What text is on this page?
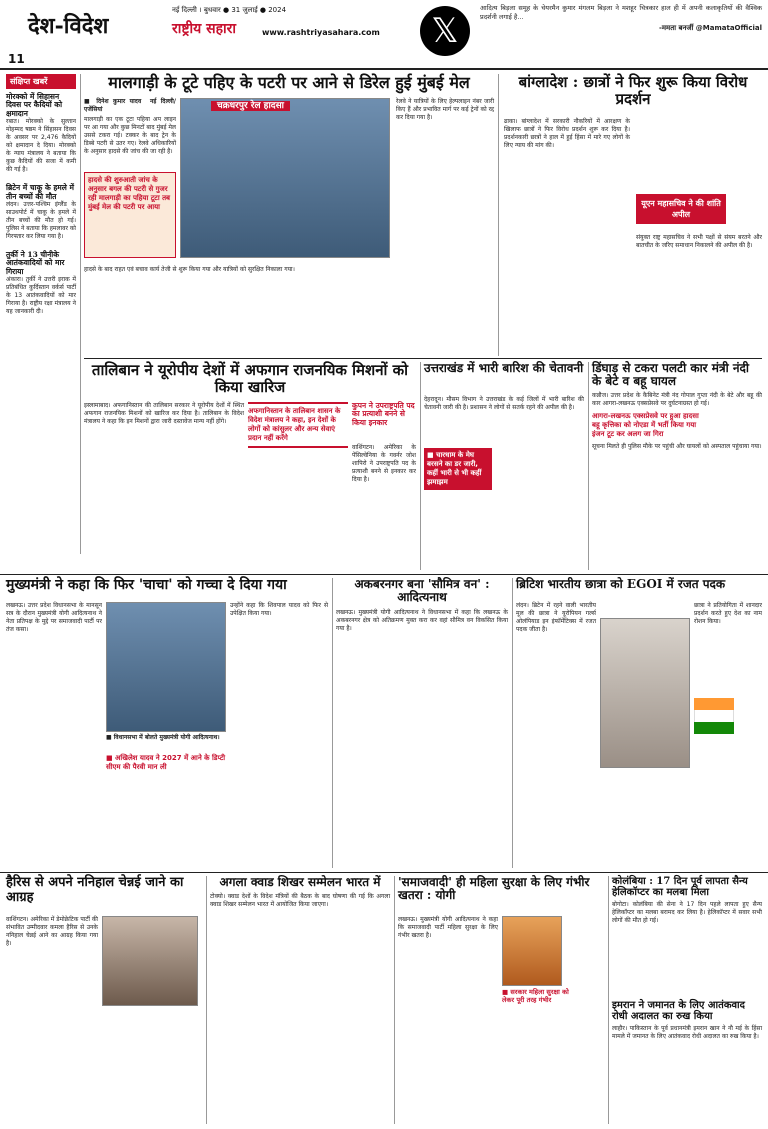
11
देश-विदेश
नई दिल्ली । बुधवार ● 31 जुलाई ● 2024
राष्ट्रीय सहारा	www.rashtriyasahara.com	𝕏
आदित्य बिड़ला समूह के चेयरमैन कुमार मंगलम बिड़ला ने मशहूर चित्रकार हाल ही में अपनी कलाकृतियों की वैश्विक प्रदर्शनी लगाई है...
-ममता बनर्जी @MamataOfficial
संक्षिप्त खबरें
मोरक्को में सिहासन दिवस पर कैदियों को क्षमादान
रबात। मोरक्को के सुल्तान मोहम्मद षष्ठम ने सिंहासन दिवस के अवसर पर 2,476 कैदियों को क्षमादान दे दिया। मोरक्को के न्याय मंत्रालय ने बताया कि कुछ कैदियों की सजा में कमी की गई है।
ब्रिटेन में चाकू के हमले में तीन बच्चों की मौत
लंदन। उत्तर-पश्चिम इंग्लैंड के साउथपोर्ट में चाकू के हमले में तीन बच्चों की मौत हो गई। पुलिस ने बताया कि हमलावर को गिरफ्तार कर लिया गया है।
तुर्की ने 13 चीनीके आतंकवादियों को मार गिराया
अंकारा। तुर्की ने उत्तरी इराक में प्रतिबंधित कुर्दिस्तान वर्कर्स पार्टी के 13 आतंकवादियों को मार गिराया है। राष्ट्रीय रक्षा मंत्रालय ने यह जानकारी दी।
मालगाड़ी के टूटे पहिए के पटरी पर आने से डिरेल हुई मुंबई मेल
■ दिनेश कुमार यादव  नई दिल्ली/एजेंसियां
मालगाड़ी का एक टूटा पहिया अप लाइन पर आ गया और कुछ मिनटों बाद मुंबई मेल उससे टकरा गई। टक्कर के बाद ट्रेन के डिब्बे पटरी से उतर गए। रेलवे अधिकारियों के अनुसार हादसे की जांच की जा रही है।
चक्रधरपुर रेल हादसा	रेलवे ने यात्रियों के लिए हेल्पलाइन नंबर जारी किए हैं और प्रभावित मार्ग पर कई ट्रेनों को रद्द कर दिया गया है।
हादसे की शुरुआती जांच के अनुसार बगल की पटरी से गुजर रही मालगाड़ी का पहिया टूटा तब मुंबई मेल की पटरी पर आया
हादसे के बाद राहत एवं बचाव कार्य तेजी से शुरू किया गया और यात्रियों को सुरक्षित निकाला गया।
बांग्लादेश : छात्रों ने फिर शुरू किया विरोध प्रदर्शन
ढाका। बांग्लादेश में सरकारी नौकरियों में आरक्षण के खिलाफ छात्रों ने फिर विरोध प्रदर्शन शुरू कर दिया है। प्रदर्शनकारी छात्रों ने हाल में हुई हिंसा में मारे गए लोगों के लिए न्याय की मांग की।
यूएन महासचिव ने की शांति अपील
संयुक्त राष्ट्र महासचिव ने सभी पक्षों से संयम बरतने और बातचीत के जरिए समाधान निकालने की अपील की है।
तालिबान ने यूरोपीय देशों में अफगान राजनयिक मिशनों को किया खारिज
इस्लामाबाद। अफगानिस्तान की तालिबान सरकार ने यूरोपीय देशों में स्थित अफगान राजनयिक मिशनों को खारिज कर दिया है। तालिबान के विदेश मंत्रालय ने कहा कि इन मिशनों द्वारा जारी दस्तावेज मान्य नहीं होंगे।
अफगानिस्तान के तालिबान शासन के विदेश मंत्रालय ने कहा, इन देशों के लोगों को कांसुलर और अन्य सेवाएं प्रदान नहीं करेंगे
कुपन ने उपराष्ट्रपति पद का प्रत्याशी बनने से किया इनकार
वाशिंगटन। अमेरिका के पेंसिल्वेनिया के गवर्नर जोश शापिरो ने उपराष्ट्रपति पद के प्रत्याशी बनने से इनकार कर दिया है।
उत्तराखंड में भारी बारिश की चेतावनी
देहरादून। मौसम विभाग ने उत्तराखंड के कई जिलों में भारी बारिश की चेतावनी जारी की है। प्रशासन ने लोगों से सतर्क रहने की अपील की है।
■ चारधाम के मेघ बरसने का डर जारी, कहीं भारी से भी कहीं झमाझम
डिंघाड़ से टकरा पलटी कार मंत्री नंदी के बेटे व बहू घायल
कन्नौज। उत्तर प्रदेश के कैबिनेट मंत्री नंद गोपाल गुप्ता नंदी के बेटे और बहू की कार आगरा-लखनऊ एक्सप्रेसवे पर दुर्घटनाग्रस्त हो गई।
आगरा-लखनऊ एक्सप्रेसवे पर हुआ हादसा
बहू कृत्तिका को नोएडा में भर्ती किया गया
इंजन टूट कर अलग जा गिरा
सूचना मिलते ही पुलिस मौके पर पहुंची और घायलों को अस्पताल पहुंचाया गया।
मुख्यमंत्री ने कहा कि फिर 'चाचा' को गच्चा दे दिया गया
लखनऊ। उत्तर प्रदेश विधानसभा के मानसून सत्र के दौरान मुख्यमंत्री योगी आदित्यनाथ ने नेता प्रतिपक्ष के मुद्दे पर समाजवादी पार्टी पर तंज कसा।
■ विधानसभा में बोलते मुख्यमंत्री योगी आदित्यनाथ।
■ अखिलेश यादव ने 2027 में आने के डिप्टी सीएम की पैरवी मान ली
उन्होंने कहा कि शिवपाल यादव को फिर से उपेक्षित किया गया।
अकबरनगर बना 'सौमित्र वन' : आदित्यनाथ
लखनऊ। मुख्यमंत्री योगी आदित्यनाथ ने विधानसभा में कहा कि लखनऊ के अकबरनगर क्षेत्र को अतिक्रमण मुक्त करा कर वहां सौमित्र वन विकसित किया गया है।
ब्रिटिश भारतीय छात्रा को EGOI में रजत पदक
लंदन। ब्रिटेन में रहने वाली भारतीय मूल की छात्रा ने यूरोपियन गर्ल्स ओलंपियाड इन इंफॉर्मेटिक्स में रजत पदक जीता है।
छात्रा ने प्रतियोगिता में शानदार प्रदर्शन करते हुए देश का नाम रोशन किया।
हैरिस से अपने ननिहाल चेन्नई जाने का आग्रह
वाशिंगटन। अमेरिका में डेमोक्रेटिक पार्टी की संभावित उम्मीदवार कमला हैरिस से उनके ननिहाल चेन्नई आने का आग्रह किया गया है।
अगला क्वाड शिखर सम्मेलन भारत में
टोक्यो। क्वाड देशों के विदेश मंत्रियों की बैठक के बाद घोषणा की गई कि अगला क्वाड शिखर सम्मेलन भारत में आयोजित किया जाएगा।
'समाजवादी' ही महिला सुरक्षा के लिए गंभीर खतरा : योगी
लखनऊ। मुख्यमंत्री योगी आदित्यनाथ ने कहा कि समाजवादी पार्टी महिला सुरक्षा के लिए गंभीर खतरा है।
■ सरकार महिला सुरक्षा को लेकर पूरी तरह गंभीर
कोलंबिया : 17 दिन पूर्व लापता सैन्य हेलिकॉप्टर का मलबा मिला
बोगोटा। कोलंबिया की सेना ने 17 दिन पहले लापता हुए सैन्य हेलिकॉप्टर का मलबा बरामद कर लिया है। हेलिकॉप्टर में सवार सभी लोगों की मौत हो गई।
इमरान ने जमानत के लिए आतंकवाद रोधी अदालत का रुख किया
लाहौर। पाकिस्तान के पूर्व प्रधानमंत्री इमरान खान ने नौ मई के हिंसा मामले में जमानत के लिए आतंकवाद रोधी अदालत का रुख किया है।
